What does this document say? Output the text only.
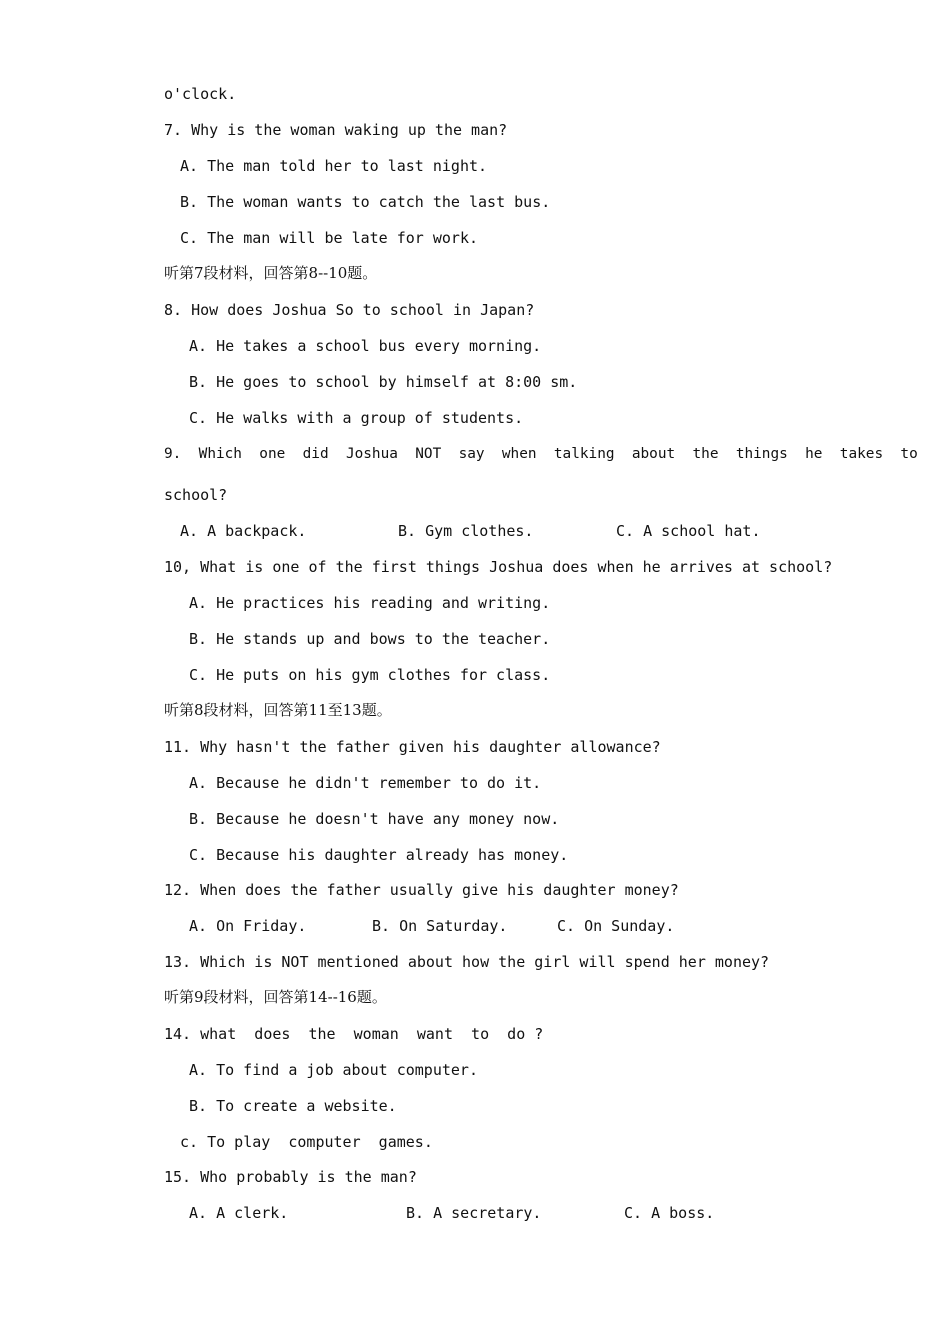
o'clock.
7. Why is the woman waking up the man?
A. The man told her to last night.
B. The woman wants to catch the last bus.
C. The man will be late for work.
听第7段材料，回答第8--10题。
8. How does Joshua So to school in Japan?
A. He takes a school bus every morning.
B. He goes to school by himself at 8:00 sm.
C. He walks with a group of students.
9.  Which  one  did  Joshua  NOT  say  when  talking  about  the  things  he  takes  to
school?
A. A backpack.	B. Gym clothes.	C. A school hat.
10, What is one of the first things Joshua does when he arrives at school?
A. He practices his reading and writing.
B. He stands up and bows to the teacher.
C. He puts on his gym clothes for class.
听第8段材料，回答第11至13题。
11. Why hasn't the father given his daughter allowance?
A. Because he didn't remember to do it.
B. Because he doesn't have any money now.
C. Because his daughter already has money.
12. When does the father usually give his daughter money?
A. On Friday.	B. On Saturday.	C. On Sunday.
13. Which is NOT mentioned about how the girl will spend her money?
听第9段材料，回答第14--16题。
14. what  does  the  woman  want  to  do ?
A. To find a job about computer.
B. To create a website.
c. To play  computer  games.
15. Who probably is the man?
A. A clerk.	B. A secretary.	C. A boss.
